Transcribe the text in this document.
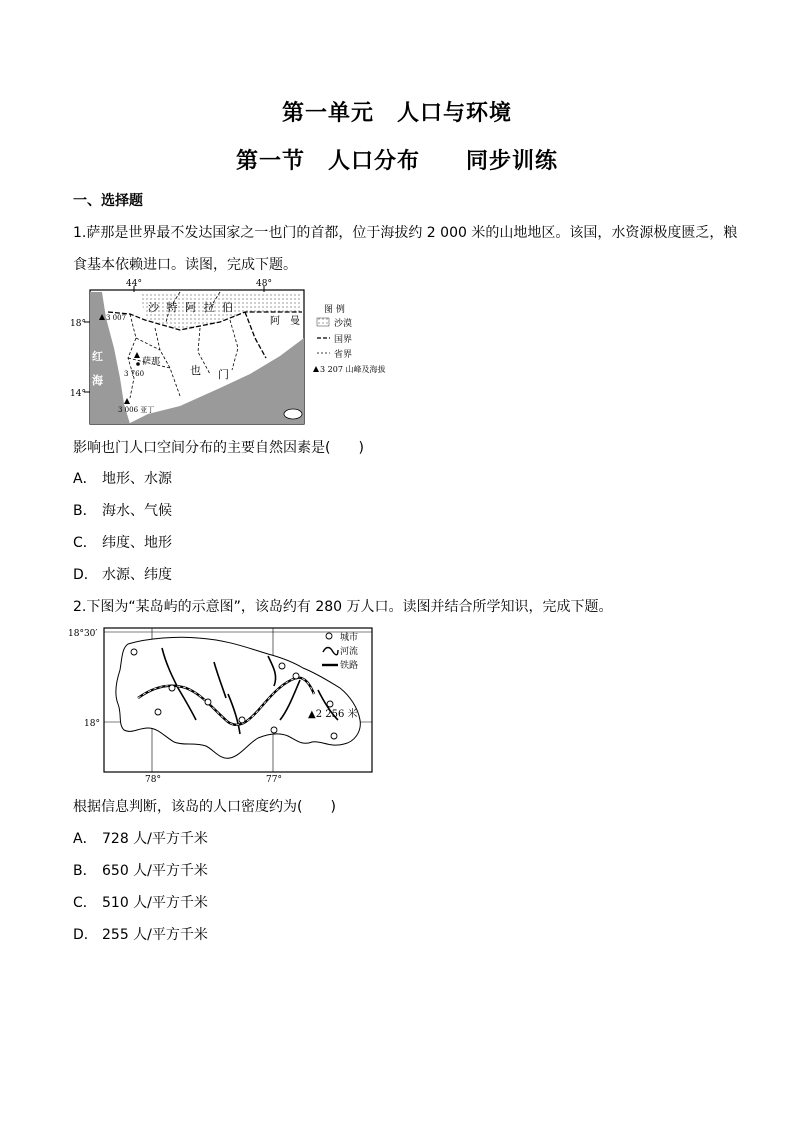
第一单元　人口与环境
第一节　人口分布 同步训练
一、选择题
1.萨那是世界最不发达国家之一也门的首都，位于海拔约 2 000 米的山地地区。该国，水资源极度匮乏，粮
食基本依赖进口。读图，完成下题。
44°	48°
18°
14°
沙 特 阿 拉 伯
阿　曼
也 门
红
海
萨那
3 007
3 760
3 006 亚丁
图 例
沙漠
国界
省界
3 207 山峰及海拔
影响也门人口空间分布的主要自然因素是(　　)
A． 地形、水源
B． 海水、气候
C． 纬度、地形
D． 水源、纬度
2.下图为“某岛屿的示意图”，该岛约有 280 万人口。读图并结合所学知识，完成下题。
18°30′
18°
78°	77°
城市
河流
铁路
▲2 256 米
根据信息判断，该岛的人口密度约为(　　)
A． 728 人/平方千米
B． 650 人/平方千米
C． 510 人/平方千米
D． 255 人/平方千米
